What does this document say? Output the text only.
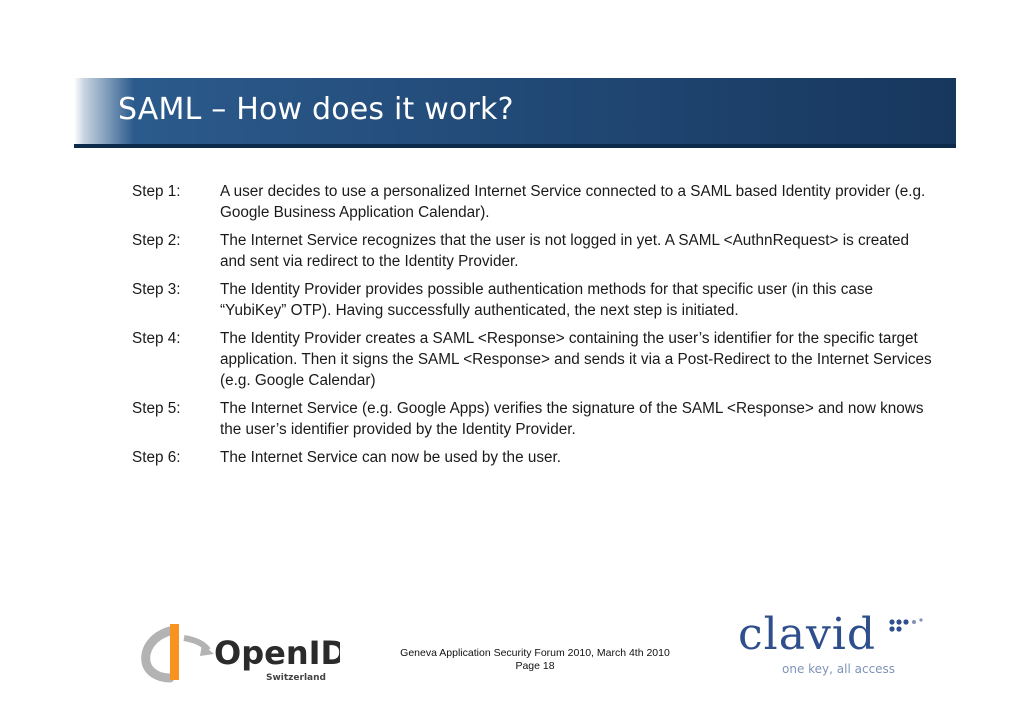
SAML – How does it work?
Step 1:	A user decides to use a personalized Internet Service connected to a SAML based Identity provider (e.g. Google Business Application Calendar).
Step 2:	The Internet Service recognizes that the user is not logged in yet. A SAML <AuthnRequest> is created and sent via redirect to the Identity Provider.
Step 3:	The Identity Provider provides possible authentication methods for that specific user (in this case “YubiKey” OTP). Having successfully authenticated, the next step is initiated.
Step 4:	The Identity Provider creates a SAML <Response> containing the user’s identifier for the specific target application. Then it signs the SAML <Response> and sends it via a Post-Redirect to the Internet Services (e.g. Google Calendar)
Step 5:	The Internet Service (e.g. Google Apps) verifies the signature of the SAML <Response> and now knows the user’s identifier provided by the Identity Provider.
Step 6:	The Internet Service can now be used by the user.
OpenID
Switzerland
Geneva Application Security Forum 2010, March 4th 2010
Page 18
clavid
one key, all access
